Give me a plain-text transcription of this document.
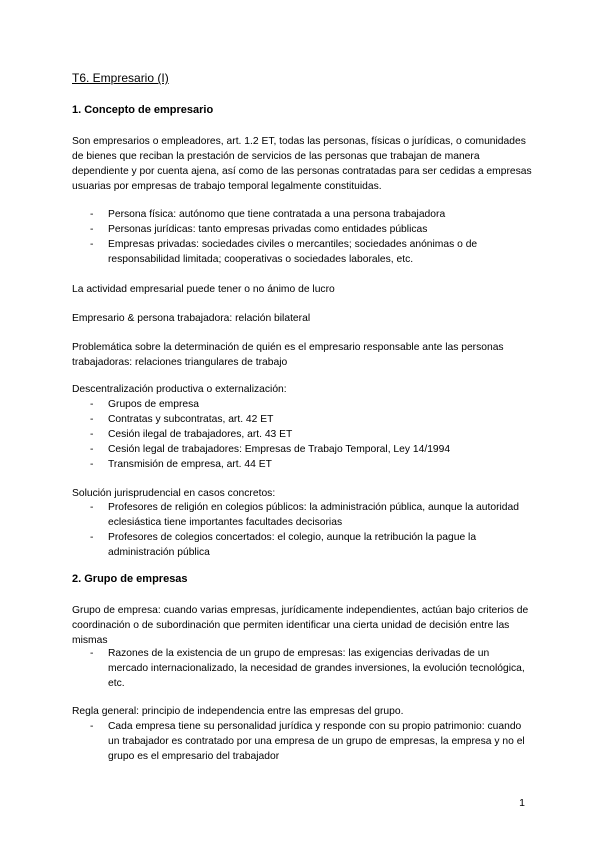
T6. Empresario (I)
1. Concepto de empresario
Son empresarios o empleadores, art. 1.2 ET, todas las personas, físicas o jurídicas, o comunidades de bienes que reciban la prestación de servicios de las personas que trabajan de manera dependiente y por cuenta ajena, así como de las personas contratadas para ser cedidas a empresas usuarias por empresas de trabajo temporal legalmente constituidas.
- Persona física: autónomo que tiene contratada a una persona trabajadora
- Personas jurídicas: tanto empresas privadas como entidades públicas
- Empresas privadas: sociedades civiles o mercantiles; sociedades anónimas o de responsabilidad limitada; cooperativas o sociedades laborales, etc.
La actividad empresarial puede tener o no ánimo de lucro
Empresario & persona trabajadora: relación bilateral
Problemática sobre la determinación de quién es el empresario responsable ante las personas trabajadoras: relaciones triangulares de trabajo
Descentralización productiva o externalización:
- Grupos de empresa
- Contratas y subcontratas, art. 42 ET
- Cesión ilegal de trabajadores, art. 43 ET
- Cesión legal de trabajadores: Empresas de Trabajo Temporal, Ley 14/1994
- Transmisión de empresa, art. 44 ET
Solución jurisprudencial en casos concretos:
- Profesores de religión en colegios públicos: la administración pública, aunque la autoridad eclesiástica tiene importantes facultades decisorias
- Profesores de colegios concertados: el colegio, aunque la retribución la pague la administración pública
2. Grupo de empresas
Grupo de empresa: cuando varias empresas, jurídicamente independientes, actúan bajo criterios de coordinación o de subordinación que permiten identificar una cierta unidad de decisión entre las mismas
- Razones de la existencia de un grupo de empresas: las exigencias derivadas de un mercado internacionalizado, la necesidad de grandes inversiones, la evolución tecnológica, etc.
Regla general: principio de independencia entre las empresas del grupo.
- Cada empresa tiene su personalidad jurídica y responde con su propio patrimonio: cuando un trabajador es contratado por una empresa de un grupo de empresas, la empresa y no el grupo es el empresario del trabajador
1
